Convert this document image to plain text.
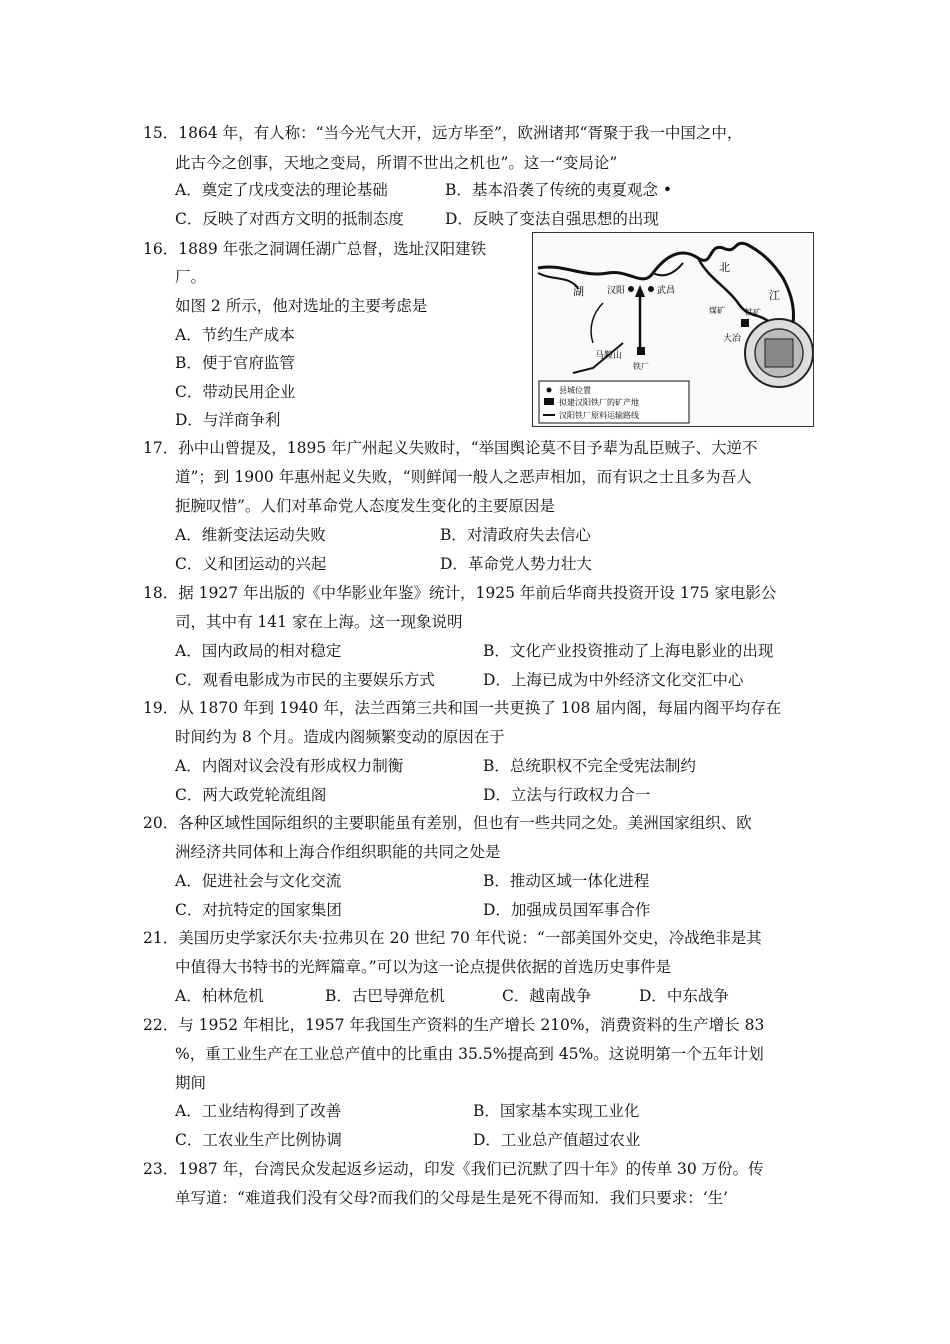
15．1864 年，有人称：“当今光气大开，远方毕至”，欧洲诸邦“胥聚于我一中国之中，
此古今之创事，天地之变局，所谓不世出之机也”。这一“变局论”
A．奠定了戊戌变法的理论基础	B．基本沿袭了传统的夷夏观念 •
C．反映了对西方文明的抵制态度	D．反映了变法自强思想的出现
16．1889 年张之洞调任湖广总督，选址汉阳建铁
厂。
如图 2 所示，他对选址的主要考虑是
A．节约生产成本
B．便于官府监管
C．带动民用企业
D．与洋商争利
湖	汉阳	武昌
马鞍山
北
江
大冶
铁厂
煤矿	铁矿
县城位置
拟建汉阳铁厂的矿产地
汉阳铁厂原料运输路线
17．孙中山曾提及，1895 年广州起义失败时，“举国舆论莫不目予辈为乱臣贼子、大逆不
道”；到 1900 年惠州起义失败，“则鲜闻一般人之恶声相加，而有识之士且多为吾人
扼腕叹惜”。人们对革命党人态度发生变化的主要原因是
A．维新变法运动失败	B．对清政府失去信心
C．义和团运动的兴起	D．革命党人势力壮大
18．据 1927 年出版的《中华影业年鉴》统计，1925 年前后华商共投资开设 175 家电影公
司，其中有 141 家在上海。这一现象说明
A．国内政局的相对稳定	B．文化产业投资推动了上海电影业的出现
C．观看电影成为市民的主要娱乐方式	D．上海已成为中外经济文化交汇中心
19．从 1870 年到 1940 年，法兰西第三共和国一共更换了 108 届内阁，每届内阁平均存在
时间约为 8 个月。造成内阁频繁变动的原因在于
A．内阁对议会没有形成权力制衡	B．总统职权不完全受宪法制约
C．两大政党轮流组阁	D．立法与行政权力合一
20．各种区域性国际组织的主要职能虽有差别，但也有一些共同之处。美洲国家组织、欧
洲经济共同体和上海合作组织职能的共同之处是
A．促进社会与文化交流	B．推动区域一体化进程
C．对抗特定的国家集团	D．加强成员国军事合作
21．美国历史学家沃尔夫·拉弗贝在 20 世纪 70 年代说：“一部美国外交史，冷战绝非是其
中值得大书特书的光辉篇章。”可以为这一论点提供依据的首选历史事件是
A．柏林危机	B．古巴导弹危机	C．越南战争	D．中东战争
22．与 1952 年相比，1957 年我国生产资料的生产增长 210%，消费资料的生产增长 83
%，重工业生产在工业总产值中的比重由 35.5%提高到 45%。这说明第一个五年计划
期间
A．工业结构得到了改善	B．国家基本实现工业化
C．工农业生产比例协调	D．工业总产值超过农业
23．1987 年，台湾民众发起返乡运动，印发《我们已沉默了四十年》的传单 30 万份。传
单写道：“难道我们没有父母?而我们的父母是生是死不得而知．我们只要求：‘生’
